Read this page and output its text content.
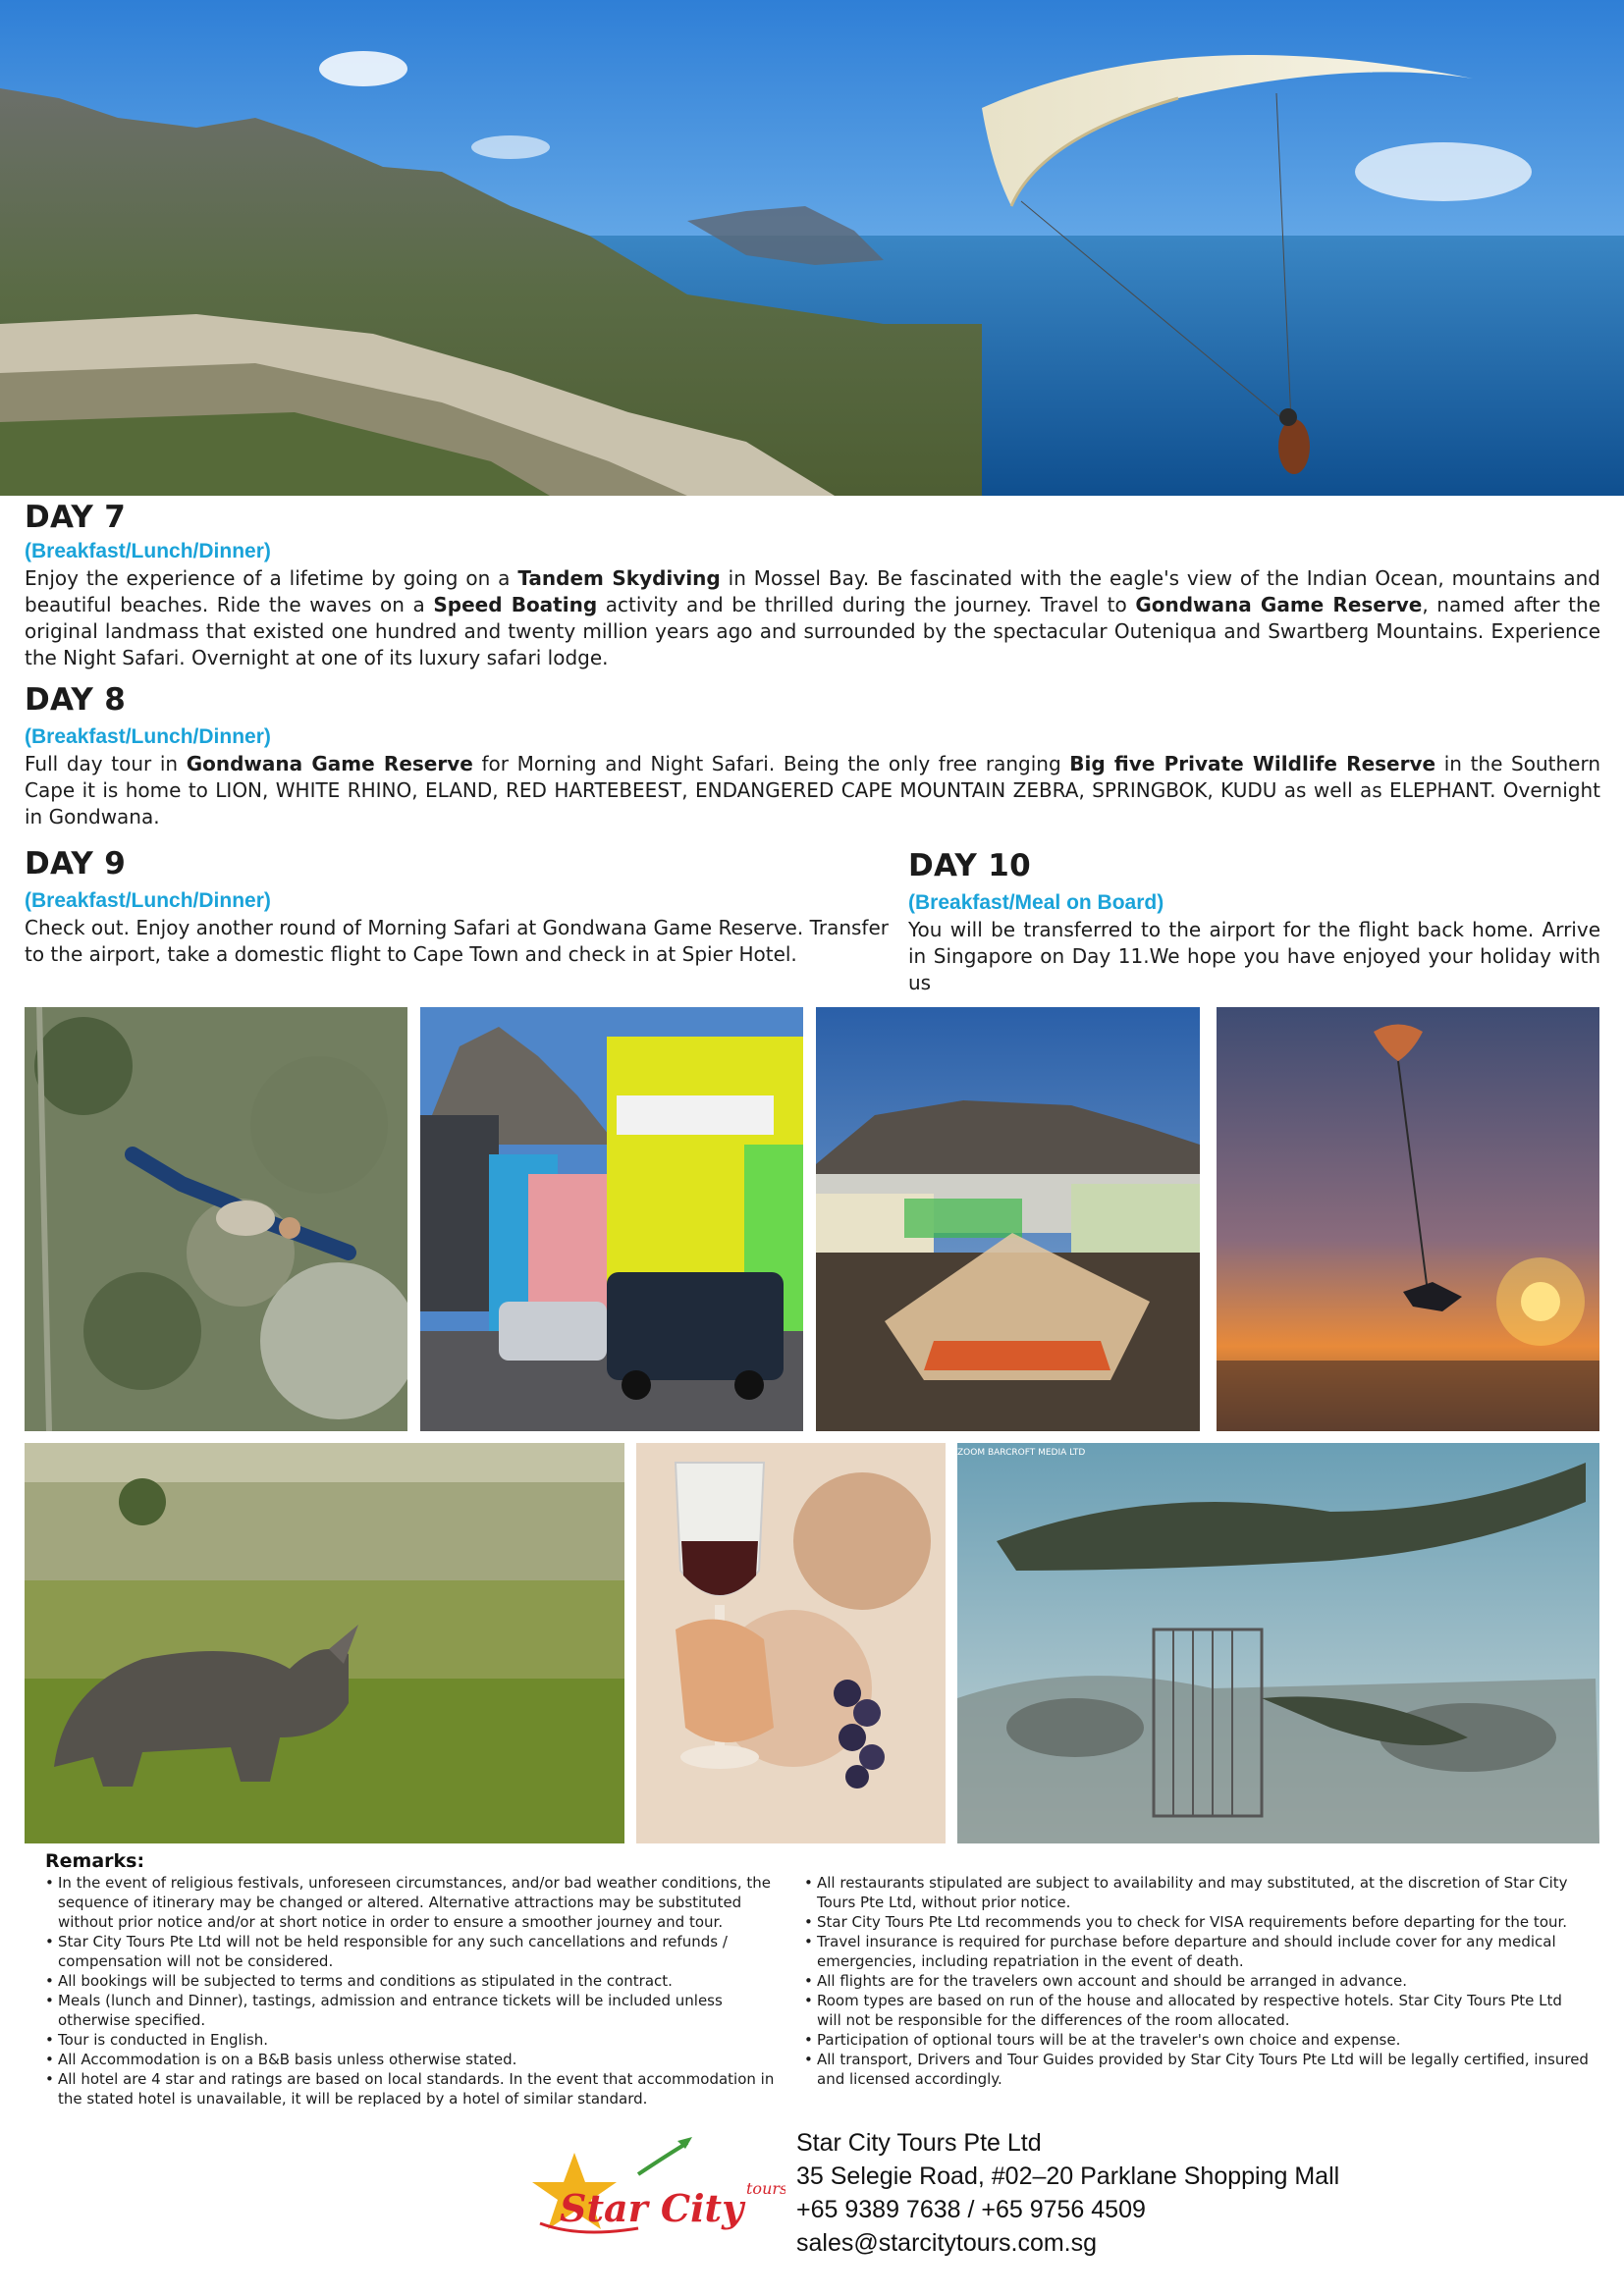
DAY 7
(Breakfast/Lunch/Dinner)
Enjoy the experience of a lifetime by going on a Tandem Skydiving in Mossel Bay. Be fascinated with the eagle's view of the Indian Ocean, mountains and beautiful beaches. Ride the waves on a Speed Boating activity and be thrilled during the journey. Travel to Gondwana Game Reserve, named after the original landmass that existed one hundred and twenty million years ago and surrounded by the spectacular Outeniqua and Swartberg Mountains. Experience the Night Safari. Overnight at one of its luxury safari lodge.
DAY 8
(Breakfast/Lunch/Dinner)
Full day tour in Gondwana Game Reserve for Morning and Night Safari. Being the only free ranging Big five Private Wildlife Reserve in the Southern Cape it is home to LION, WHITE RHINO, ELAND, RED HARTEBEEST, ENDANGERED CAPE MOUNTAIN ZEBRA, SPRINGBOK, KUDU as well as ELEPHANT. Overnight in Gondwana.
DAY 9
(Breakfast/Lunch/Dinner)
Check out. Enjoy another round of Morning Safari at Gondwana Game Reserve. Transfer to the airport, take a domestic flight to Cape Town and check in at Spier Hotel.
DAY 10
(Breakfast/Meal on Board)
You will be transferred to the airport for the flight back home. Arrive in Singapore on Day 11.We hope you have enjoyed your holiday with us
ZOOM BARCROFT MEDIA LTD
Remarks:
• In the event of religious festivals, unforeseen circumstances, and/or bad weather conditions, the sequence of itinerary may be changed or altered. Alternative attractions may be substituted without prior notice and/or at short notice in order to ensure a smoother journey and tour.
• Star City Tours Pte Ltd will not be held responsible for any such cancellations and refunds / compensation will not be considered.
• All bookings will be subjected to terms and conditions as stipulated in the contract.
• Meals (lunch and Dinner), tastings, admission and entrance tickets will be included unless otherwise specified.
• Tour is conducted in English.
• All Accommodation is on a B&B basis unless otherwise stated.
• All hotel are 4 star and ratings are based on local standards. In the event that accommodation in the stated hotel is unavailable, it will be replaced by a hotel of similar standard.
• All restaurants stipulated are subject to availability and may substituted, at the discretion of Star City Tours Pte Ltd, without prior notice.
• Star City Tours Pte Ltd recommends you to check for VISA requirements before departing for the tour.
• Travel insurance is required for purchase before departure and should include cover for any medical emergencies, including repatriation in the event of death.
• All flights are for the travelers own account and should be arranged in advance.
• Room types are based on run of the house and allocated by respective hotels. Star City Tours Pte Ltd will not be responsible for the differences of the room allocated.
• Participation of optional tours will be at the traveler's own choice and expense.
• All transport, Drivers and Tour Guides provided by Star City Tours Pte Ltd will be legally certified, insured and licensed accordingly.
Star City tours
Star City Tours Pte Ltd
35 Selegie Road, #02–20 Parklane Shopping Mall
+65 9389 7638 / +65 9756 4509
sales@starcitytours.com.sg
